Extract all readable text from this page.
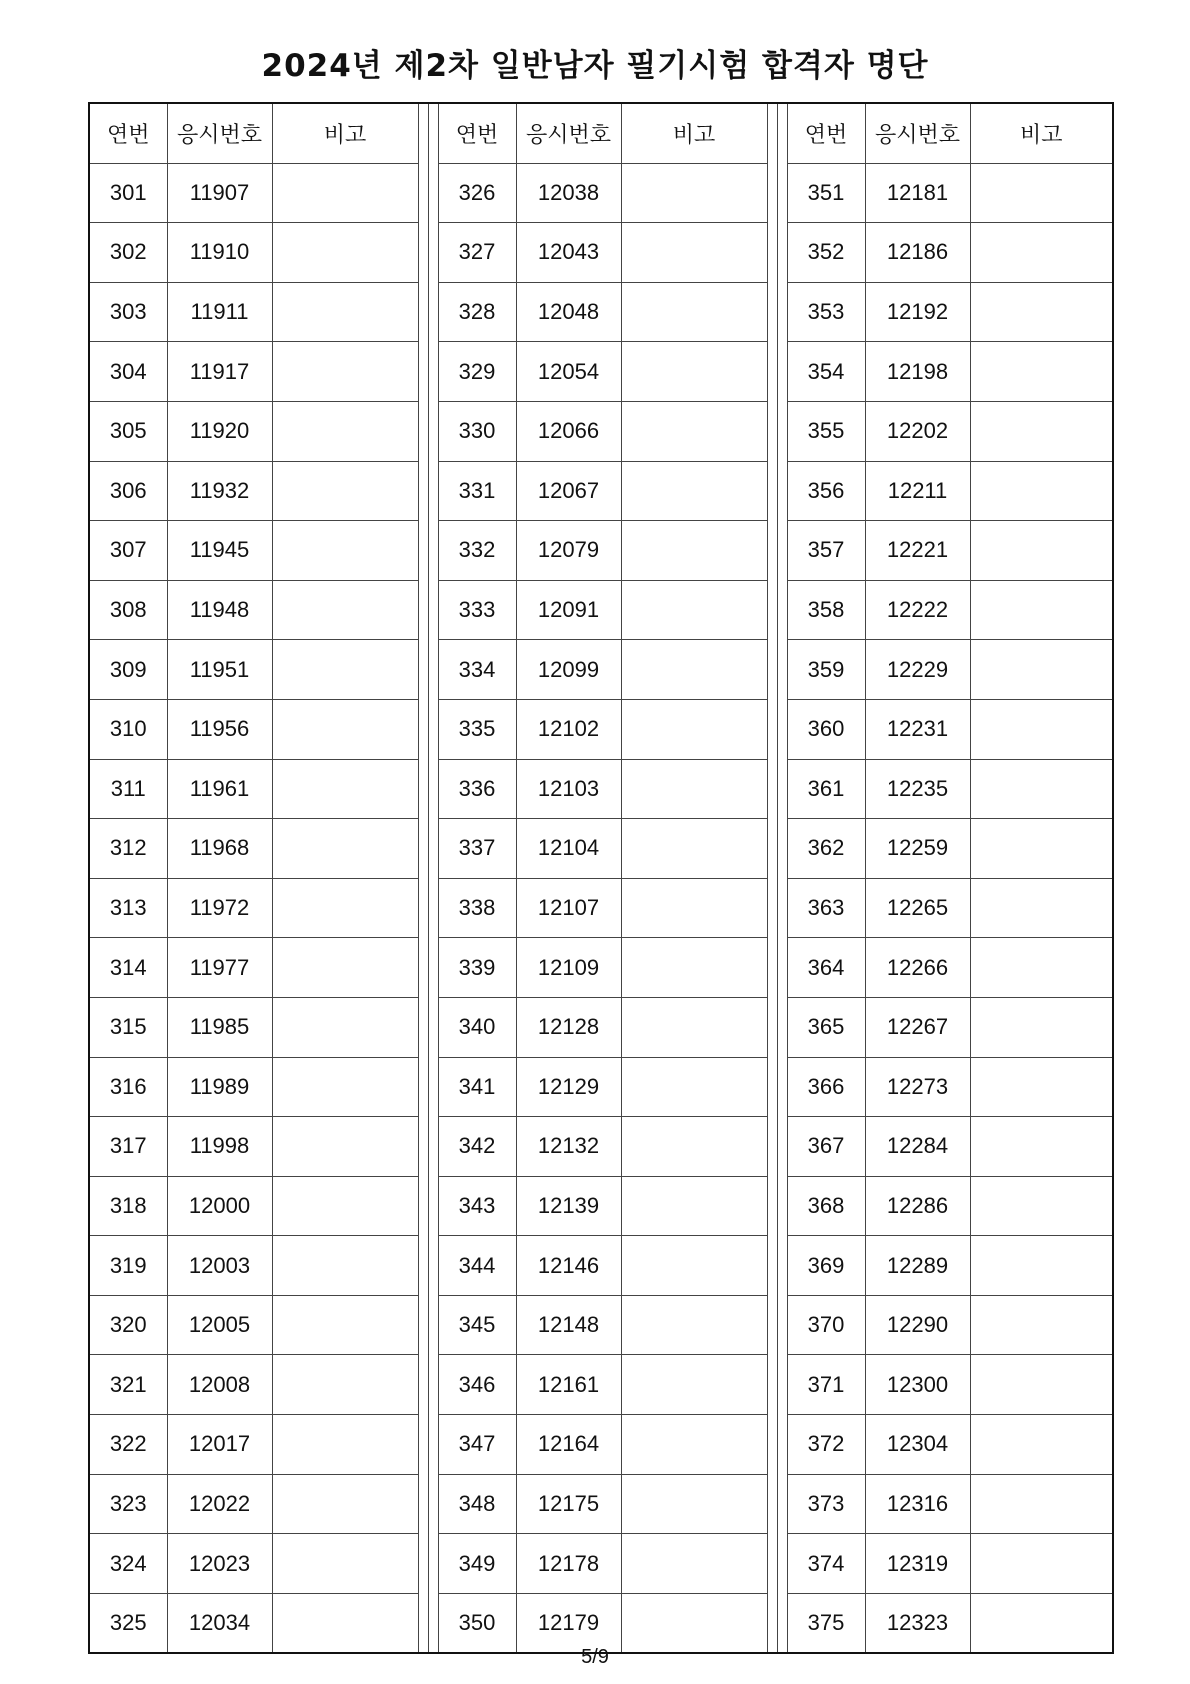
2024년 제2차 일반남자 필기시험 합격자 명단
연번	응시번호	비고			연번	응시번호	비고			연번	응시번호	비고
301	11907				326	12038				351	12181	
302	11910				327	12043				352	12186	
303	11911				328	12048				353	12192	
304	11917				329	12054				354	12198	
305	11920				330	12066				355	12202	
306	11932				331	12067				356	12211	
307	11945				332	12079				357	12221	
308	11948				333	12091				358	12222	
309	11951				334	12099				359	12229	
310	11956				335	12102				360	12231	
311	11961				336	12103				361	12235	
312	11968				337	12104				362	12259	
313	11972				338	12107				363	12265	
314	11977				339	12109				364	12266	
315	11985				340	12128				365	12267	
316	11989				341	12129				366	12273	
317	11998				342	12132				367	12284	
318	12000				343	12139				368	12286	
319	12003				344	12146				369	12289	
320	12005				345	12148				370	12290	
321	12008				346	12161				371	12300	
322	12017				347	12164				372	12304	
323	12022				348	12175				373	12316	
324	12023				349	12178				374	12319	
325	12034				350	12179				375	12323	
5/9
